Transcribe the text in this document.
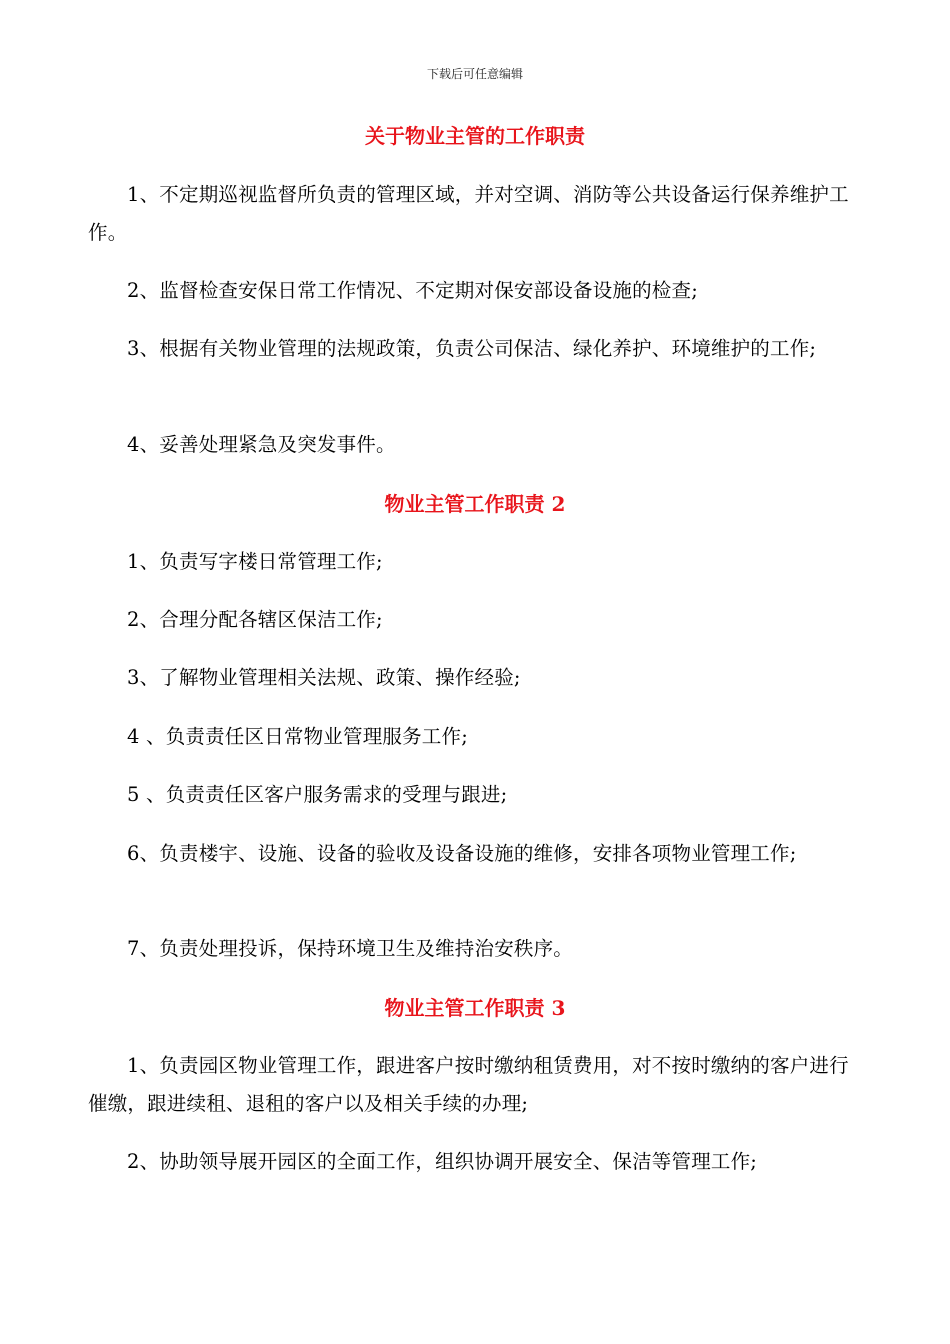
下载后可任意编辑
关于物业主管的工作职责

1、不定期巡视监督所负责的管理区域，并对空调、消防等公共设备运行保养维护工作。

2、监督检查安保日常工作情况、不定期对保安部设备设施的检查;

3、根据有关物业管理的法规政策，负责公司保洁、绿化养护、环境维护的工作;

4、妥善处理紧急及突发事件。

物业主管工作职责 2

1、负责写字楼日常管理工作;

2、合理分配各辖区保洁工作;

3、了解物业管理相关法规、政策、操作经验;

4 、负责责任区日常物业管理服务工作;

5 、负责责任区客户服务需求的受理与跟进;

6、负责楼宇、设施、设备的验收及设备设施的维修，安排各项物业管理工作;

7、负责处理投诉，保持环境卫生及维持治安秩序。

物业主管工作职责 3

1、负责园区物业管理工作，跟进客户按时缴纳租赁费用，对不按时缴纳的客户进行催缴，跟进续租、退租的客户以及相关手续的办理;

2、协助领导展开园区的全面工作，组织协调开展安全、保洁等管理工作;
